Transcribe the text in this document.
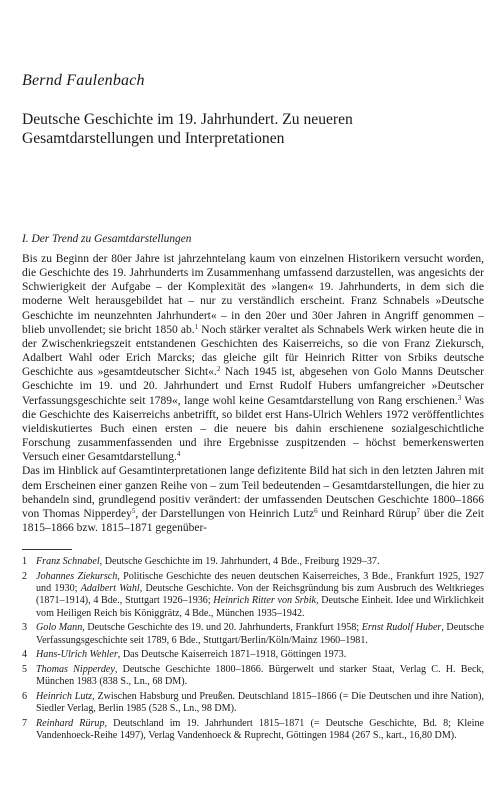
Bernd Faulenbach
Deutsche Geschichte im 19. Jahrhundert. Zu neueren Gesamtdarstellungen und Interpretationen
I. Der Trend zu Gesamtdarstellungen

Bis zu Beginn der 80er Jahre ist jahrzehntelang kaum von einzelnen Historikern versucht worden, die Geschichte des 19. Jahrhunderts im Zusammenhang umfassend darzustellen, was angesichts der Schwierigkeit der Aufgabe – der Komplexität des »langen« 19. Jahrhunderts, in dem sich die moderne Welt herausgebildet hat – nur zu verständlich erscheint. Franz Schnabels »Deutsche Geschichte im neunzehnten Jahrhundert« – in den 20er und 30er Jahren in Angriff genommen – blieb unvollendet; sie bricht 1850 ab.$^1$ Noch stärker veraltet als Schnabels Werk wirken heute die in der Zwischenkriegszeit entstandenen Geschichten des Kaiserreichs, so die von Franz Ziekursch, Adalbert Wahl oder Erich Marcks; das gleiche gilt für Heinrich Ritter von Srbiks deutsche Geschichte aus »gesamtdeutscher Sicht«.$^2$ Nach 1945 ist, abgesehen von Golo Manns Deutscher Geschichte im 19. und 20. Jahrhundert und Ernst Rudolf Hubers umfangreicher »Deutscher Verfassungsgeschichte seit 1789«, lange wohl keine Gesamtdarstellung von Rang erschienen.$^3$ Was die Geschichte des Kaiserreichs anbetrifft, so bildet erst Hans-Ulrich Wehlers 1972 veröffentlichtes vieldiskutiertes Buch einen ersten – die neuere bis dahin erschienene sozialgeschichtliche Forschung zusammenfassenden und ihre Ergebnisse zuspitzenden – höchst bemerkenswerten Versuch einer Gesamtdarstellung.$^4$

Das im Hinblick auf Gesamtinterpretationen lange defizitente Bild hat sich in den letzten Jahren mit dem Erscheinen einer ganzen Reihe von – zum Teil bedeutenden – Gesamtdarstellungen, die hier zu behandeln sind, grundlegend positiv verändert: der umfassenden Deutschen Geschichte 1800–1866 von Thomas Nipperdey$^5$, der Darstellungen von Heinrich Lutz$^6$ und Reinhard Rürup$^7$ über die Zeit 1815–1866 bzw. 1815–1871 gegenüber-

1 Franz Schnabel, Deutsche Geschichte im 19. Jahrhundert, 4 Bde., Freiburg 1929–37.
2 Johannes Ziekursch, Politische Geschichte des neuen deutschen Kaiserreiches, 3 Bde., Frankfurt 1925, 1927 und 1930; Adalbert Wahl, Deutsche Geschichte. Von der Reichsgründung bis zum Ausbruch des Weltkrieges (1871–1914), 4 Bde., Stuttgart 1926–1936; Heinrich Ritter von Srbik, Deutsche Einheit. Idee und Wirklichkeit vom Heiligen Reich bis Königgrätz, 4 Bde., München 1935–1942.
3 Golo Mann, Deutsche Geschichte des 19. und 20. Jahrhunderts, Frankfurt 1958; Ernst Rudolf Huber, Deutsche Verfassungsgeschichte seit 1789, 6 Bde., Stuttgart/Berlin/Köln/Mainz 1960–1981.
4 Hans-Ulrich Wehler, Das Deutsche Kaiserreich 1871–1918, Göttingen 1973.
5 Thomas Nipperdey, Deutsche Geschichte 1800–1866. Bürgerwelt und starker Staat, Verlag C. H. Beck, München 1983 (838 S., Ln., 68 DM).
6 Heinrich Lutz, Zwischen Habsburg und Preußen. Deutschland 1815–1866 (= Die Deutschen und ihre Nation), Siedler Verlag, Berlin 1985 (528 S., Ln., 98 DM).
7 Reinhard Rürup, Deutschland im 19. Jahrhundert 1815–1871 (= Deutsche Geschichte, Bd. 8; Kleine Vandenhoeck-Reihe 1497), Verlag Vandenhoeck & Ruprecht, Göttingen 1984 (267 S., kart., 16,80 DM).
